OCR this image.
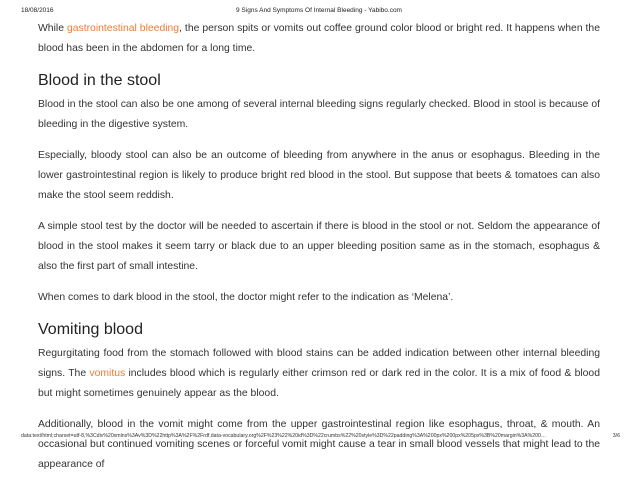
18/08/2016	9 Signs And Symptoms Of Internal Bleeding - Yabibo.com

While gastrointestinal bleeding, the person spits or vomits out coffee ground color blood or bright red. It happens when the blood has been in the abdomen for a long time.

Blood in the stool

Blood in the stool can also be one among of several internal bleeding signs regularly checked. Blood in stool is because of bleeding in the digestive system.

Especially, bloody stool can also be an outcome of bleeding from anywhere in the anus or esophagus. Bleeding in the lower gastrointestinal region is likely to produce bright red blood in the stool. But suppose that beets & tomatoes can also make the stool seem reddish.

A simple stool test by the doctor will be needed to ascertain if there is blood in the stool or not. Seldom the appearance of blood in the stool makes it seem tarry or black due to an upper bleeding position same as in the stomach, esophagus & also the first part of small intestine.

When comes to dark blood in the stool, the doctor might refer to the indication as ‘Melena’.

Vomiting blood

Regurgitating food from the stomach followed with blood stains can be added indication between other internal bleeding signs. The vomitus includes blood which is regularly either crimson red or dark red in the color. It is a mix of food & blood but might sometimes genuinely appear as the blood.

Additionally, blood in the vomit might come from the upper gastrointestinal region like esophagus, throat, & mouth. An occasional but continued vomiting scenes or forceful vomit might cause a tear in small blood vessels that might lead to the appearance of

data:text/html;charset=utf-8,%3Cdiv%20xmlns%3Av%3D%22http%3A%2F%2Frdf.data-vocabulary.org%2F%23%22%20id%3D%22crumbs%22%20style%3D%22padding%3A%200px%200px%205px%3B%20margin%3A%200…	3/6
